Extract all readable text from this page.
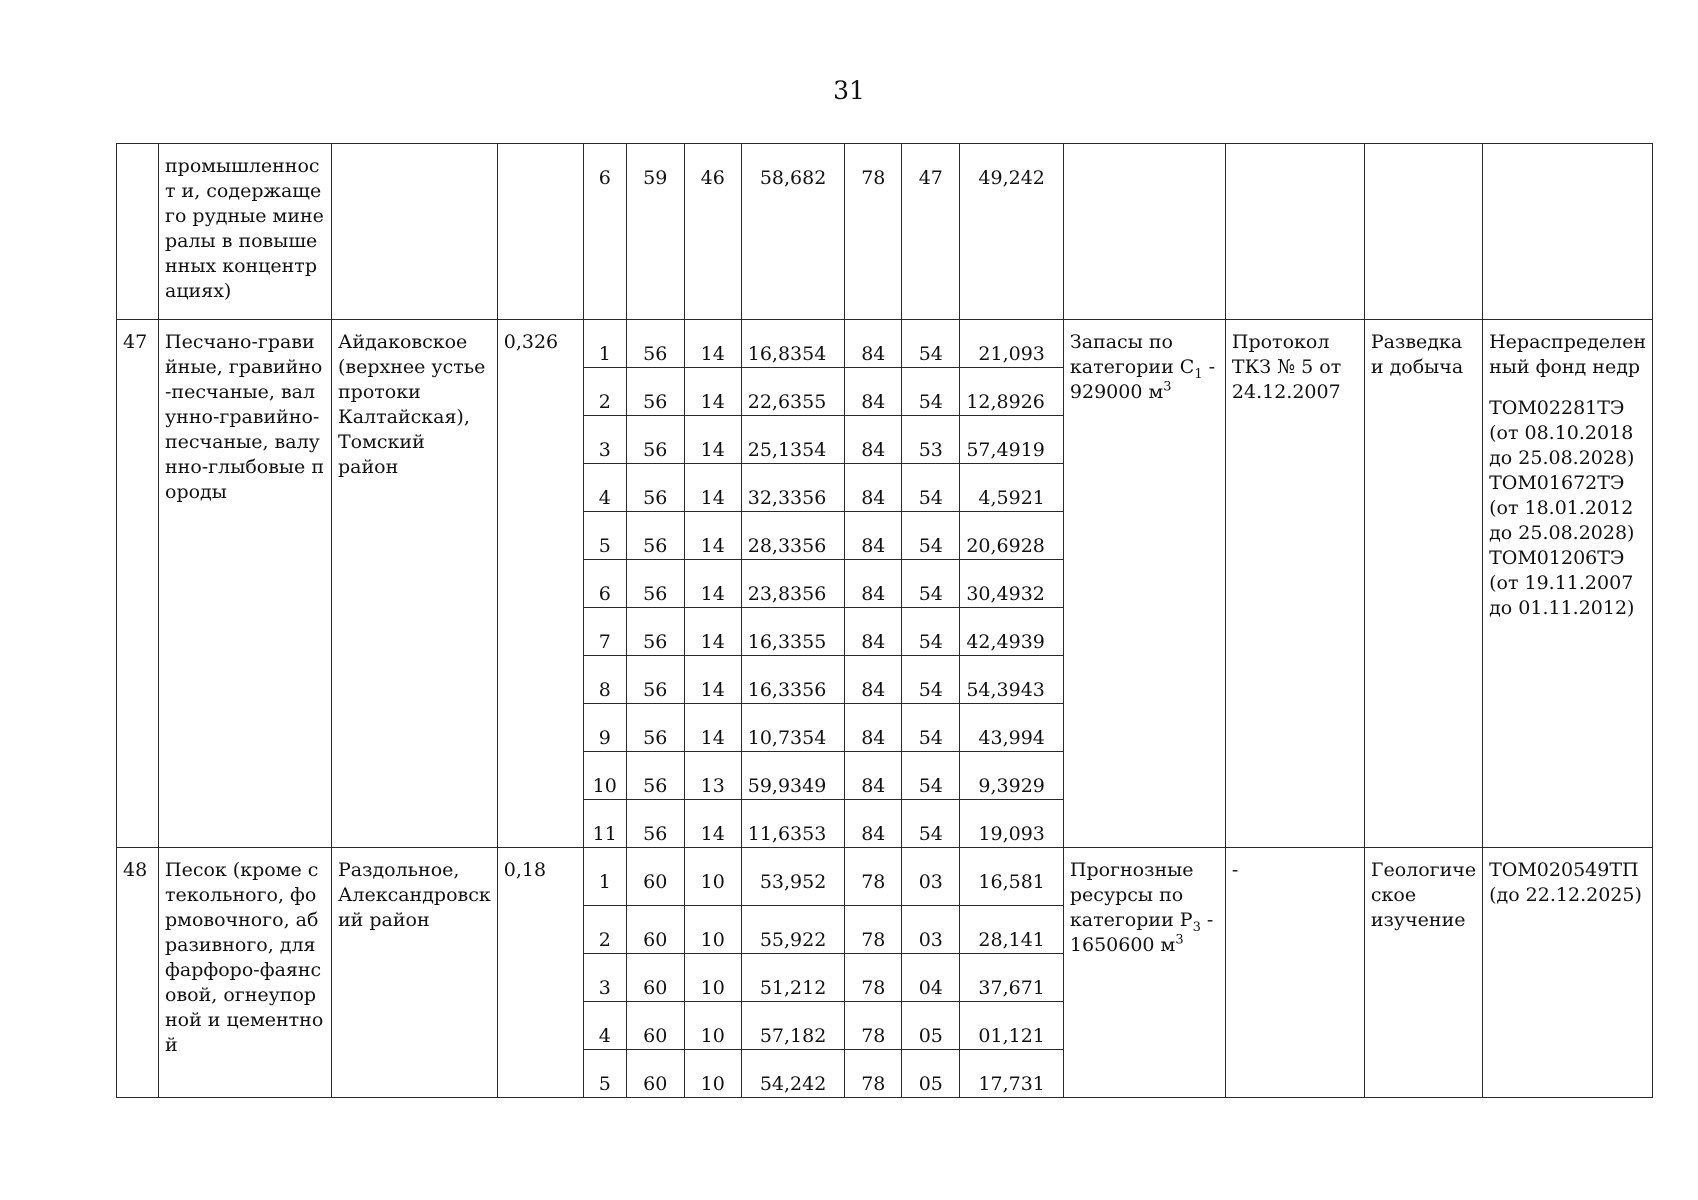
31

	промышленност и, содержащего рудные минералы в повышенных концентрациях)			6	59	46	58,682	78	47	49,242				

47	Песчано-гравийные, гравийно-песчаные, валунно-гравийно-песчаные, валунно-глыбовые породы	Айдаковское (верхнее устье протоки Калтайская), Томский район	0,326	1	56	14	16,8354	84	54	21,093	Запасы по категории $С_1 - 929000$ $м^3$	Протокол ТКЗ № 5 от 24.12.2007	Разведка и добыча	Нераспределен ный фонд недр
ТОМ02281ТЭ (от 08.10.2018 до 25.08.2028)
ТОМ01672ТЭ (от 18.01.2012 до 25.08.2028)
ТОМ01206ТЭ (от 19.11.2007 до 01.11.2012)

				2	56	14	22,6355	84	54	12,8926				

				3	56	14	25,1354	84	53	57,4919				

				4	56	14	32,3356	84	54	4,5921				

				5	56	14	28,3356	84	54	20,6928				

				6	56	14	23,8356	84	54	30,4932				

				7	56	14	16,3355	84	54	42,4939				

				8	56	14	16,3356	84	54	54,3943				

				9	56	14	10,7354	84	54	43,994				

				10	56	13	59,9349	84	54	9,3929				

				11	56	14	11,6353	84	54	19,093				

48	Песок (кроме стекольного, формовочного, абразивного, для фарфоро-фаянсовой, огнеупорной и цементной	Раздольное, Александровск ий район	0,18	1	60	10	53,952	78	03	16,581	Прогнозные ресурсы по категории $Р_3 - 1650600$ $м^3$	-	Геологиче ское изучение	ТОМ020549ТП (до 22.12.2025)

				2	60	10	55,922	78	03	28,141				

				3	60	10	51,212	78	04	37,671				

				4	60	10	57,182	78	05	01,121				

				5	60	10	54,242	78	05	17,731				
